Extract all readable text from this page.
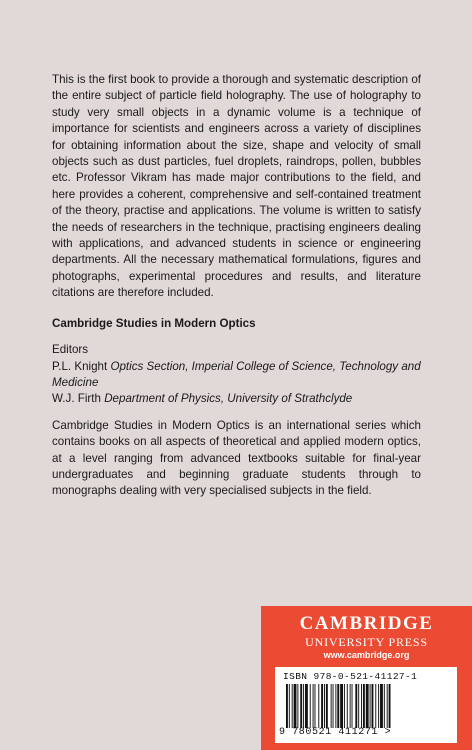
This is the first book to provide a thorough and systematic description of the entire subject of particle field holography. The use of holography to study very small objects in a dynamic volume is a technique of importance for scientists and engineers across a variety of disciplines for obtaining information about the size, shape and velocity of small objects such as dust particles, fuel droplets, raindrops, pollen, bubbles etc. Professor Vikram has made major contributions to the field, and here provides a coherent, comprehensive and self-contained treatment of the theory, practise and applications. The volume is written to satisfy the needs of researchers in the technique, practising engineers dealing with applications, and advanced students in science or engineering departments. All the necessary mathematical formulations, figures and photographs, experimental procedures and results, and literature citations are therefore included.

Cambridge Studies in Modern Optics

Editors

P.L. Knight Optics Section, Imperial College of Science, Technology and Medicine

W.J. Firth Department of Physics, University of Strathclyde

Cambridge Studies in Modern Optics is an international series which contains books on all aspects of theoretical and applied modern optics, at a level ranging from advanced textbooks suitable for final-year undergraduates and beginning graduate students through to monographs dealing with very specialised subjects in the field.

CAMBRIDGE
UNIVERSITY PRESS
www.cambridge.org
ISBN 978-0-521-41127-1
9 780521 411271 >
